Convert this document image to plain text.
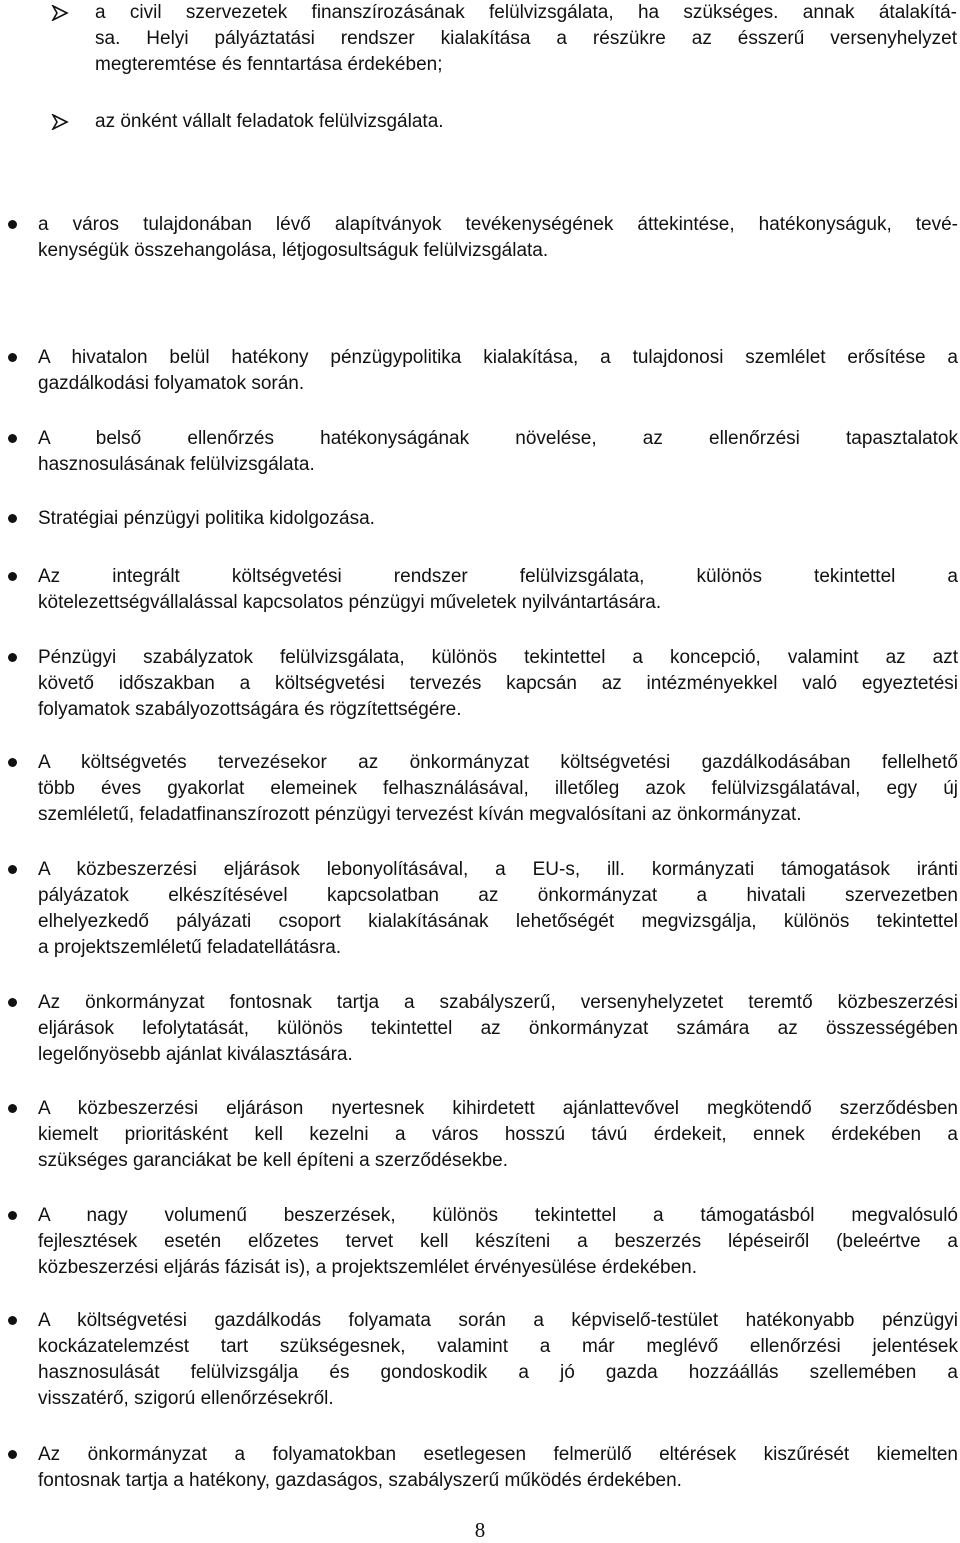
a civil szervezetek finanszírozásának felülvizsgálata, ha szükséges. annak átalakítá-
sa. Helyi pályáztatási rendszer kialakítása a részükre az ésszerű versenyhelyzet
megteremtése és fenntartása érdekében;

az önként vállalt feladatok felülvizsgálata.

a város tulajdonában lévő alapítványok tevékenységének áttekintése, hatékonyságuk, tevé-
kenységük összehangolása, létjogosultságuk felülvizsgálata.

A hivatalon belül hatékony pénzügypolitika kialakítása, a tulajdonosi szemlélet erősítése a
gazdálkodási folyamatok során.

A belső ellenőrzés hatékonyságának növelése, az ellenőrzési tapasztalatok
hasznosulásának felülvizsgálata.

Stratégiai pénzügyi politika kidolgozása.

Az integrált költségvetési rendszer felülvizsgálata, különös tekintettel a
kötelezettségvállalással kapcsolatos pénzügyi műveletek nyilvántartására.

Pénzügyi szabályzatok felülvizsgálata, különös tekintettel a koncepció, valamint az azt
követő időszakban a költségvetési tervezés kapcsán az intézményekkel való egyeztetési
folyamatok szabályozottságára és rögzítettségére.

A költségvetés tervezésekor az önkormányzat költségvetési gazdálkodásában fellelhető
több éves gyakorlat elemeinek felhasználásával, illetőleg azok felülvizsgálatával, egy új
szemléletű, feladatfinanszírozott pénzügyi tervezést kíván megvalósítani az önkormányzat.

A közbeszerzési eljárások lebonyolításával, a EU-s, ill. kormányzati támogatások iránti
pályázatok elkészítésével kapcsolatban az önkormányzat a hivatali szervezetben
elhelyezkedő pályázati csoport kialakításának lehetőségét megvizsgálja, különös tekintettel
a projektszemléletű feladatellátásra.

Az önkormányzat fontosnak tartja a szabályszerű, versenyhelyzetet teremtő közbeszerzési
eljárások lefolytatását, különös tekintettel az önkormányzat számára az összességében
legelőnyösebb ajánlat kiválasztására.

A közbeszerzési eljáráson nyertesnek kihirdetett ajánlattevővel megkötendő szerződésben
kiemelt prioritásként kell kezelni a város hosszú távú érdekeit, ennek érdekében a
szükséges garanciákat be kell építeni a szerződésekbe.

A nagy volumenű beszerzések, különös tekintettel a támogatásból megvalósuló
fejlesztések esetén előzetes tervet kell készíteni a beszerzés lépéseiről (beleértve a
közbeszerzési eljárás fázisát is), a projektszemlélet érvényesülése érdekében.

A költségvetési gazdálkodás folyamata során a képviselő-testület hatékonyabb pénzügyi
kockázatelemzést tart szükségesnek, valamint a már meglévő ellenőrzési jelentések
hasznosulását felülvizsgálja és gondoskodik a jó gazda hozzáállás szellemében a
visszatérő, szigorú ellenőrzésekről.

Az önkormányzat a folyamatokban esetlegesen felmerülő eltérések kiszűrését kiemelten
fontosnak tartja a hatékony, gazdaságos, szabályszerű működés érdekében.

8
